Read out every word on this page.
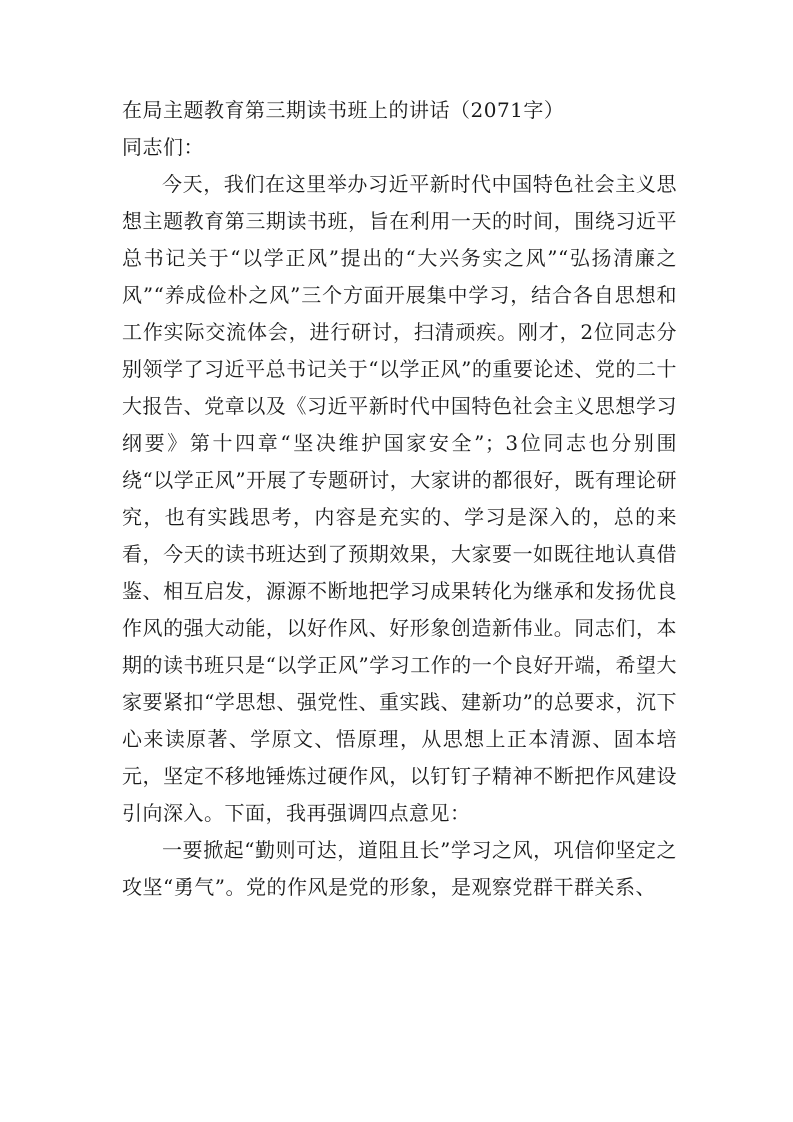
在局主题教育第三期读书班上的讲话（2071字）
同志们：

今天，我们在这里举办习近平新时代中国特色社会主义思想主题教育第三期读书班，旨在利用一天的时间，围绕习近平总书记关于“以学正风”提出的“大兴务实之风”“弘扬清廉之风”“养成俭朴之风”三个方面开展集中学习，结合各自思想和工作实际交流体会，进行研讨，扫清顽疾。刚才，2位同志分别领学了习近平总书记关于“以学正风”的重要论述、党的二十大报告、党章以及《习近平新时代中国特色社会主义思想学习纲要》第十四章“坚决维护国家安全”；3位同志也分别围绕“以学正风”开展了专题研讨，大家讲的都很好，既有理论研究，也有实践思考，内容是充实的、学习是深入的，总的来看，今天的读书班达到了预期效果，大家要一如既往地认真借鉴、相互启发，源源不断地把学习成果转化为继承和发扬优良作风的强大动能，以好作风、好形象创造新伟业。同志们，本期的读书班只是“以学正风”学习工作的一个良好开端，希望大家要紧扣“学思想、强党性、重实践、建新功”的总要求，沉下心来读原著、学原文、悟原理，从思想上正本清源、固本培元，坚定不移地锤炼过硬作风，以钉钉子精神不断把作风建设引向深入。下面，我再强调四点意见：

一要掀起“勤则可达，道阻且长”学习之风，巩信仰坚定之攻坚“勇气”。党的作风是党的形象，是观察党群干群关系、
